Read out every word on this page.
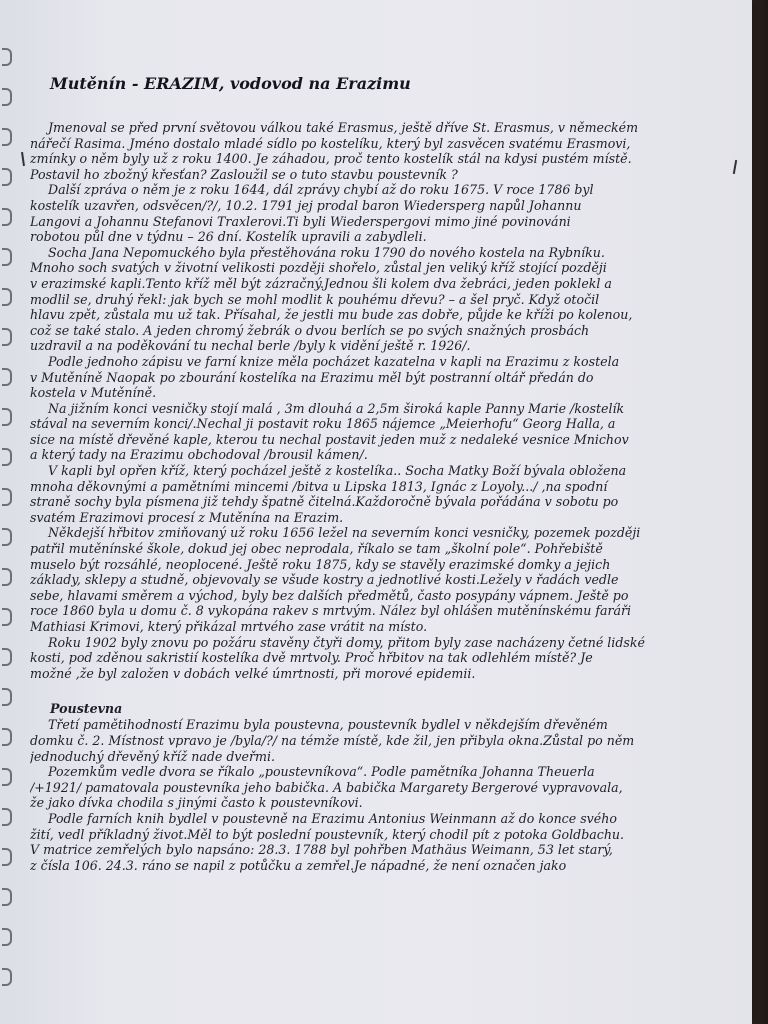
Mutěnín - ERAZIM, vodovod na Erazimu
Jmenoval se před první světovou válkou také Erasmus, ještě dříve St. Erasmus, v německém
nářečí Rasima. Jméno dostalo mladé sídlo po kostelíku, který byl zasvěcen svatému Erasmovi,
zmínky o něm byly už z roku 1400. Je záhadou, proč tento kostelík stál na kdysi pustém místě.
Postavil ho zbožný křesťan? Zasloužil se o tuto stavbu poustevník ?
Další zpráva o něm je z roku 1644, dál zprávy chybí až do roku 1675. V roce 1786 byl
kostelík uzavřen, odsvěcen/?/, 10.2. 1791 jej prodal baron Wiedersperg napůl Johannu
Langovi a Johannu Stefanovi Traxlerovi.Ti byli Wiederspergovi mimo jiné povinováni
robotou půl dne v týdnu – 26 dní. Kostelík upravili a zabydleli.
Socha Jana Nepomuckého byla přestěhována roku 1790 do nového kostela na Rybníku.
Mnoho soch svatých v životní velikosti později shořelo, zůstal jen veliký kříž stojící později
v erazimské kapli.Tento kříž měl být zázračný.Jednou šli kolem dva žebráci, jeden poklekl a
modlil se, druhý řekl: jak bych se mohl modlit k pouhému dřevu? – a šel pryč. Když otočil
hlavu zpět, zůstala mu už tak. Přísahal, že jestli mu bude zas dobře, půjde ke kříži po kolenou,
což se také stalo. A jeden chromý žebrák o dvou berlích se po svých snažných prosbách
uzdravil a na poděkování tu nechal berle /byly k vidění ještě r. 1926/.
Podle jednoho zápisu ve farní knize měla pocházet kazatelna v kapli na Erazimu z kostela
v Mutěníně Naopak po zbourání kostelíka na Erazimu měl být postranní oltář předán do
kostela v Mutěníně.
Na jižním konci vesničky stojí malá , 3m dlouhá a 2,5m široká kaple Panny Marie /kostelík
stával na severním konci/.Nechal ji postavit roku 1865 nájemce „Meierhofu“ Georg Halla, a
sice na místě dřevěné kaple, kterou tu nechal postavit jeden muž z nedaleké vesnice Mnichov
a který tady na Erazimu obchodoval /brousil kámen/.
V kapli byl opřen kříž, který pocházel ještě z kostelíka.. Socha Matky Boží bývala obložena
mnoha děkovnými a pamětními mincemi /bitva u Lipska 1813, Ignác z Loyoly.../ ,na spodní
straně sochy byla písmena již tehdy špatně čitelná.Každoročně bývala pořádána v sobotu po
svatém Erazimovi procesí z Mutěnína na Erazim.
Někdejší hřbitov zmiňovaný už roku 1656 ležel na severním konci vesničky, pozemek později
patřil mutěnínské škole, dokud jej obec neprodala, říkalo se tam „školní pole“. Pohřebiště
muselo být rozsáhlé, neoplocené. Ještě roku 1875, kdy se stavěly erazimské domky a jejich
základy, sklepy a studně, objevovaly se všude kostry a jednotlivé kosti.Ležely v řadách vedle
sebe, hlavami směrem a východ, byly bez dalších předmětů, často posypány vápnem. Ještě po
roce 1860 byla u domu č. 8 vykopána rakev s mrtvým. Nález byl ohlášen mutěnínskému faráři
Mathiasi Krimovi, který přikázal mrtvého zase vrátit na místo.
Roku 1902 byly znovu po požáru stavěny čtyři domy, přitom byly zase nacházeny četné lidské
kosti, pod zděnou sakristií kostelíka dvě mrtvoly. Proč hřbitov na tak odlehlém místě? Je
možné ,že byl založen v dobách velké úmrtnosti, při morové epidemii.
Poustevna
Třetí pamětihodností Erazimu byla poustevna, poustevník bydlel v někdejším dřevěném
domku č. 2. Místnost vpravo je /byla/?/ na témže místě, kde žil, jen přibyla okna.Zůstal po něm
jednoduchý dřevěný kříž nade dveřmi.
Pozemkům vedle dvora se říkalo „poustevníkova“. Podle pamětníka Johanna Theuerla
/+1921/ pamatovala poustevníka jeho babička. A babička Margarety Bergerové vypravovala,
že jako dívka chodila s jinými často k poustevníkovi.
Podle farních knih bydlel v poustevně na Erazimu Antonius Weinmann až do konce svého
žití, vedl příkladný život.Měl to být poslední poustevník, který chodil pít z potoka Goldbachu.
V matrice zemřelých bylo napsáno: 28.3. 1788 byl pohřben Mathäus Weimann, 53 let starý,
z čísla 106. 24.3. ráno se napil z potůčku a zemřel.Je nápadné, že není označen jako
